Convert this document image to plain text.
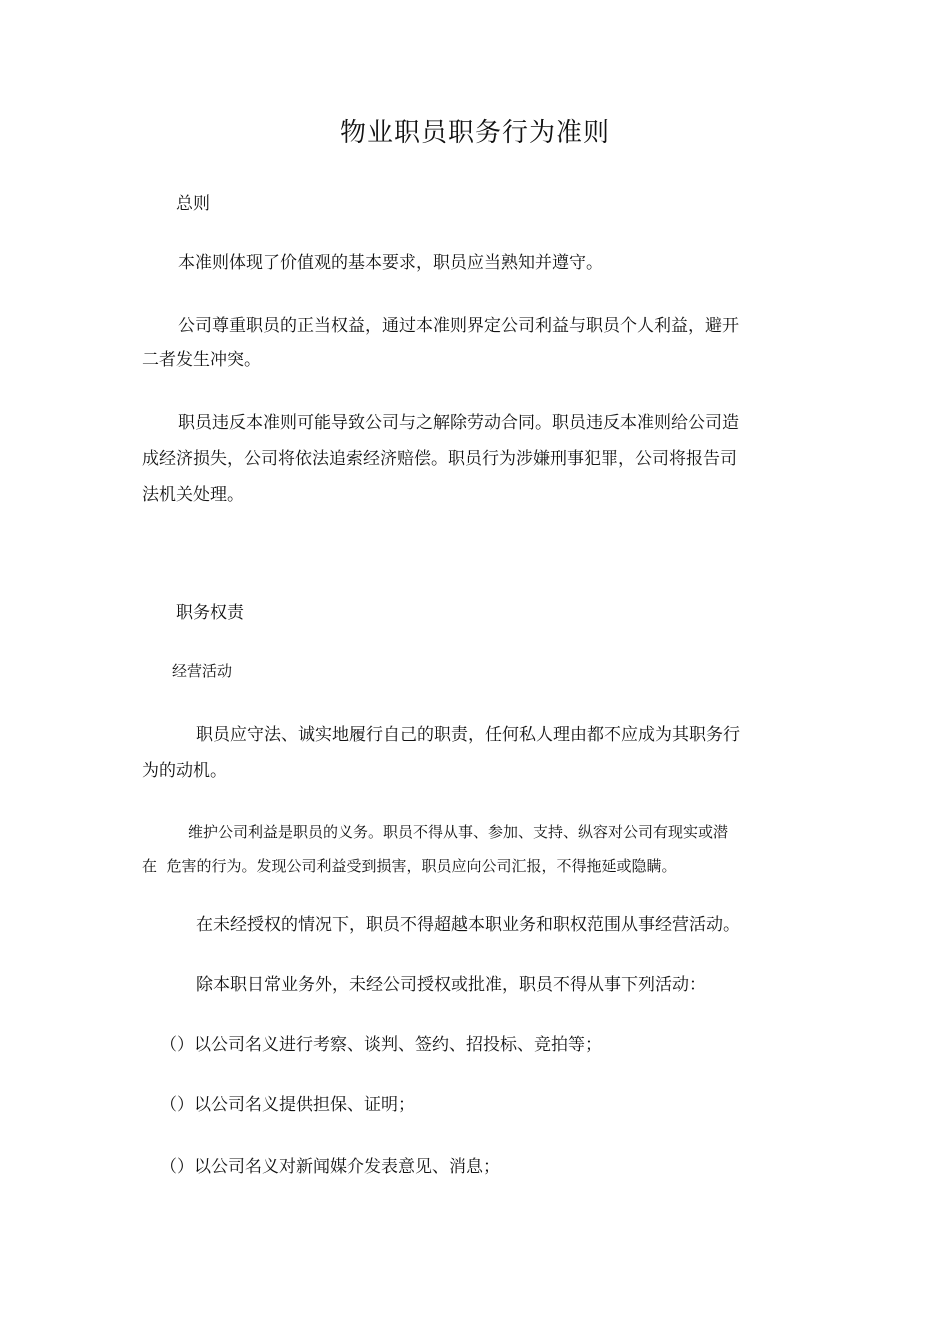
物业职员职务行为准则

总则

本准则体现了价值观的基本要求，职员应当熟知并遵守。

公司尊重职员的正当权益，通过本准则界定公司利益与职员个人利益，避开
二者发生冲突。
职员违反本准则可能导致公司与之解除劳动合同。职员违反本准则给公司造
成经济损失，公司将依法追索经济赔偿。职员行为涉嫌刑事犯罪，公司将报告司
法机关处理。

职务权责

经营活动

职员应守法、诚实地履行自己的职责，任何私人理由都不应成为其职务行
为的动机。
维护公司利益是职员的义务。职员不得从事、参加、支持、纵容对公司有现实或潜
在  危害的行为。发现公司利益受到损害，职员应向公司汇报，不得拖延或隐瞒。

在未经授权的情况下，职员不得超越本职业务和职权范围从事经营活动。

除本职日常业务外，未经公司授权或批准，职员不得从事下列活动：

（）以公司名义进行考察、谈判、签约、招投标、竞拍等；

（）以公司名义提供担保、证明；

（）以公司名义对新闻媒介发表意见、消息；
